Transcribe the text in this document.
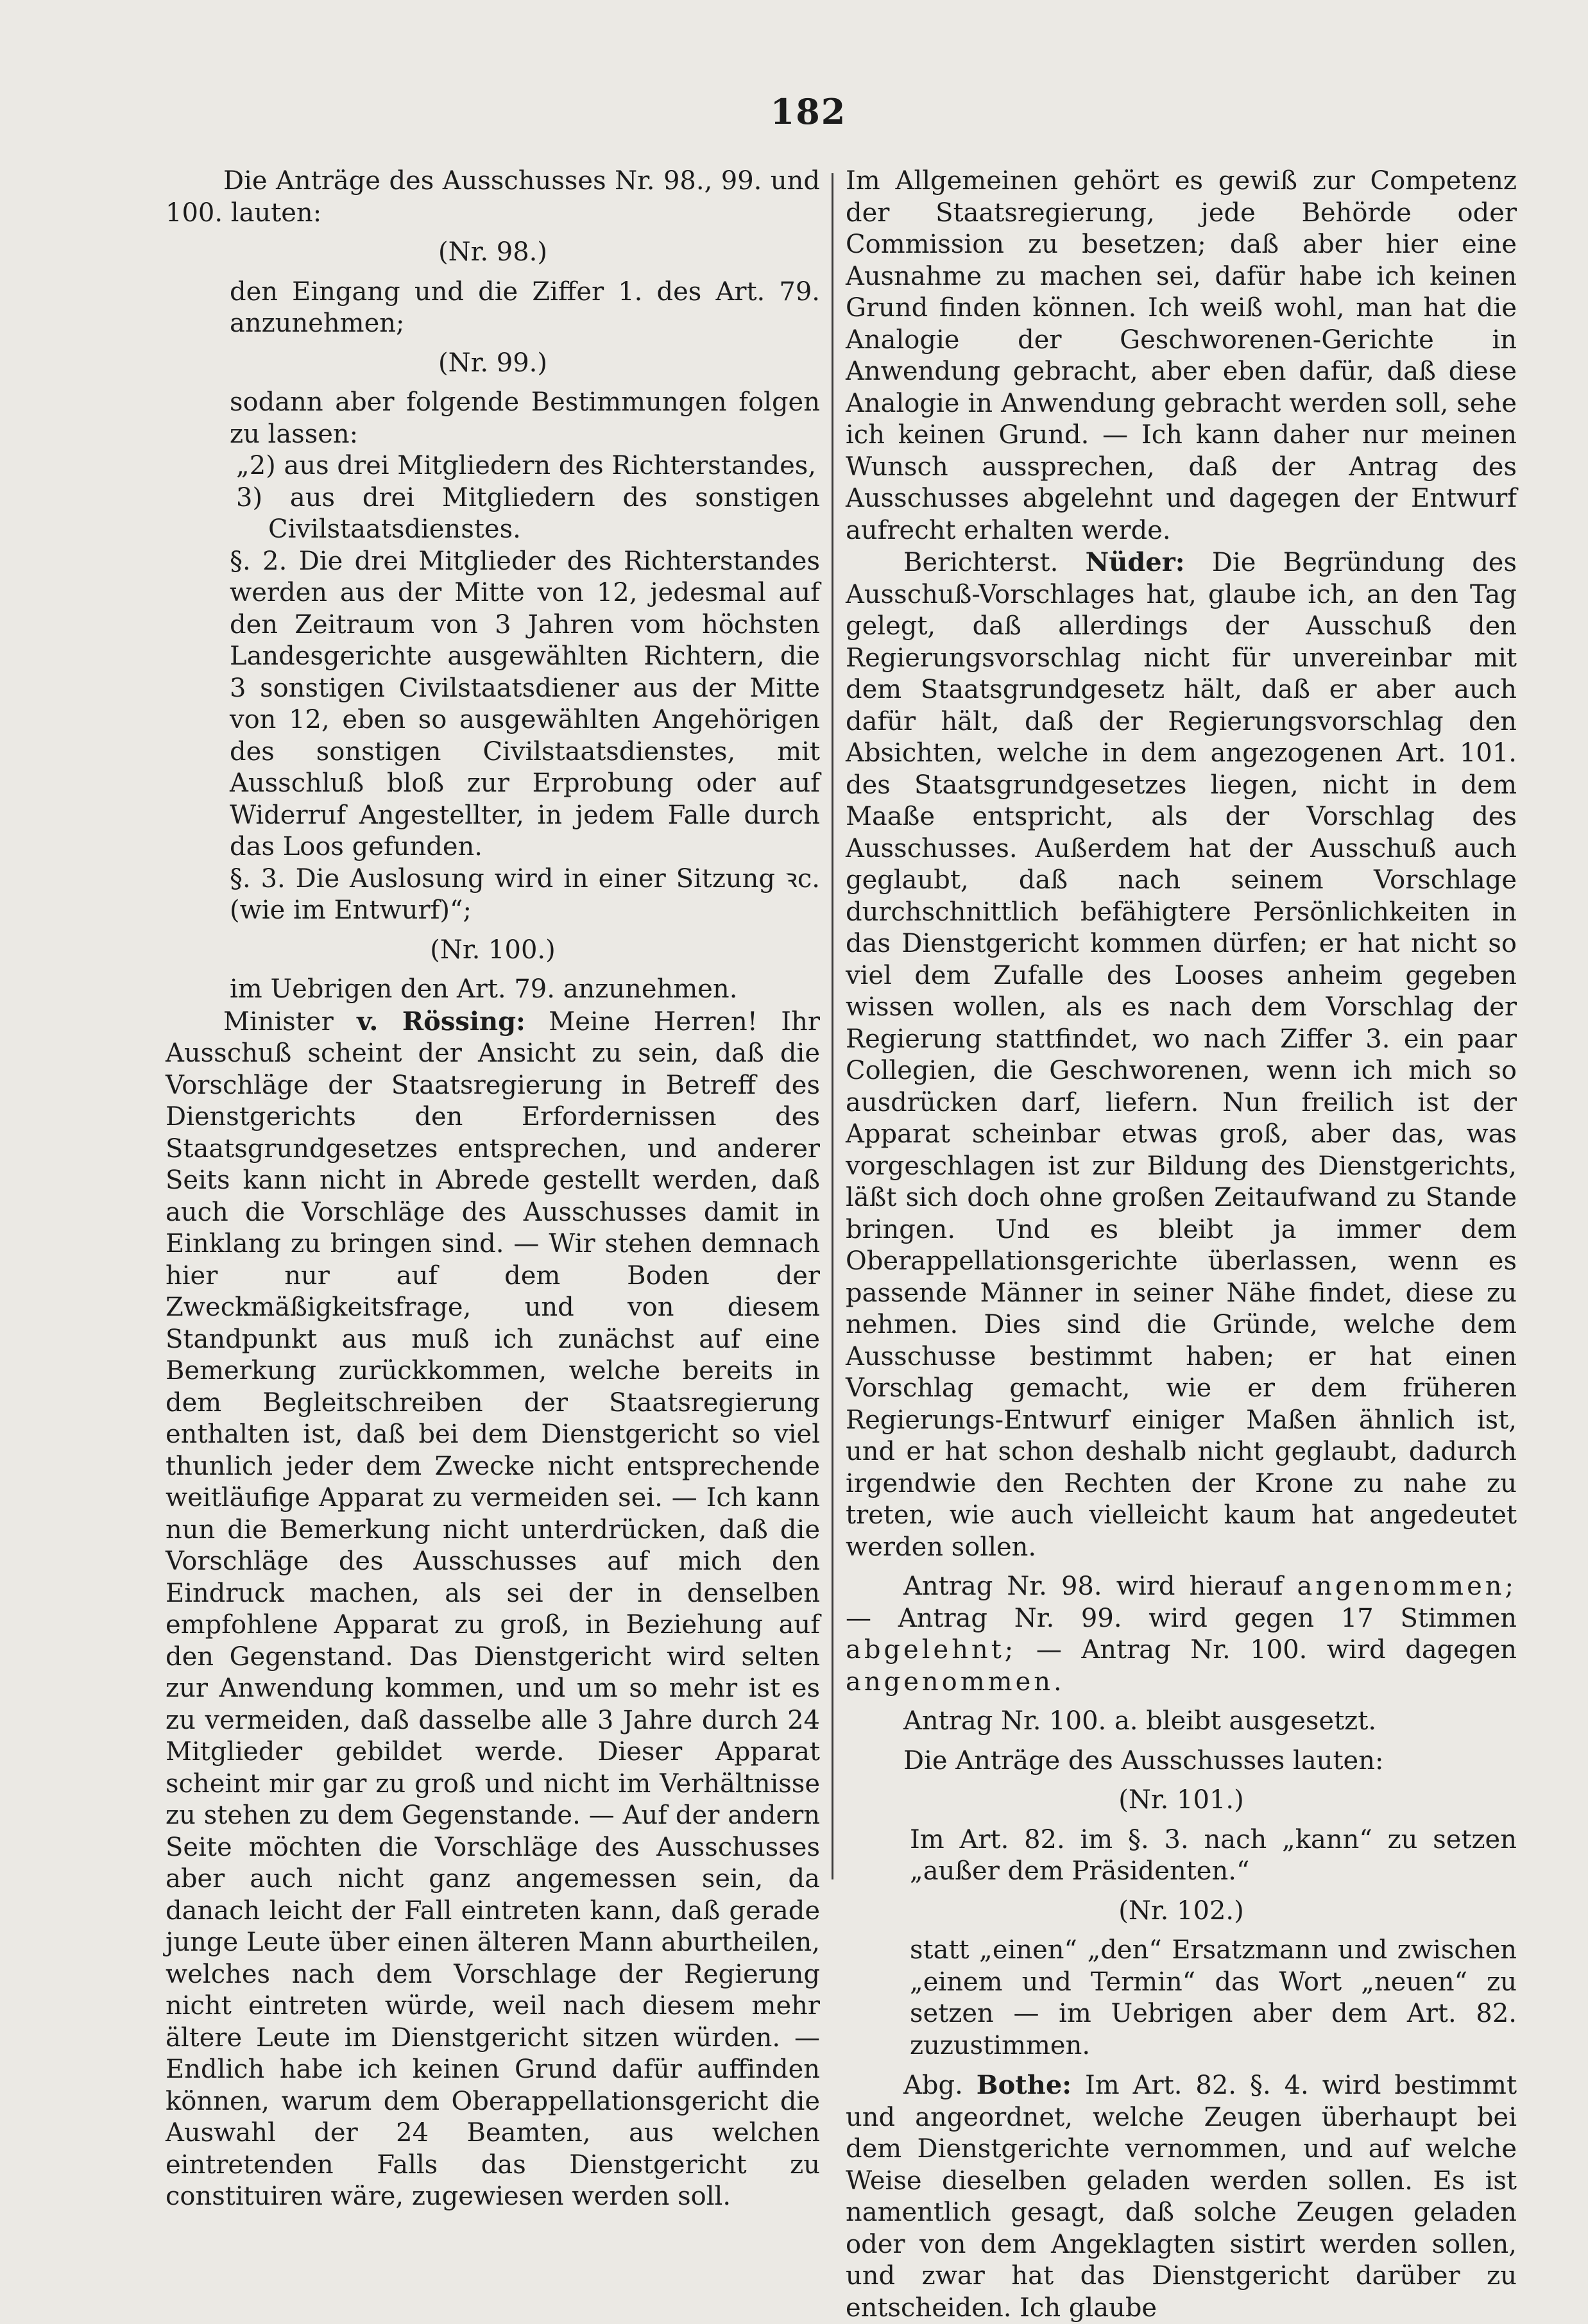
182

Die Anträge des Ausschusses Nr. 98., 99. und 100. lauten:

(Nr. 98.)

den Eingang und die Ziffer 1. des Art. 79. anzunehmen;

(Nr. 99.)

sodann aber folgende Bestimmungen folgen zu lassen:

„2) aus drei Mitgliedern des Richterstandes,

3) aus drei Mitgliedern des sonstigen Civilstaatsdienstes.

§. 2. Die drei Mitglieder des Richterstandes werden aus der Mitte von 12, jedesmal auf den Zeitraum von 3 Jahren vom höchsten Landesgerichte ausgewählten Richtern, die 3 sonstigen Civilstaatsdiener aus der Mitte von 12, eben so ausgewählten Angehörigen des sonstigen Civilstaatsdienstes, mit Ausschluß bloß zur Erprobung oder auf Widerruf Angestellter, in jedem Falle durch das Loos gefunden.

§. 3. Die Auslosung wird in einer Sitzung ꝛc. (wie im Entwurf)“;

(Nr. 100.)

im Uebrigen den Art. 79. anzunehmen.

Minister v. Rössing: Meine Herren! Ihr Ausschuß scheint der Ansicht zu sein, daß die Vorschläge der Staatsregierung in Betreff des Dienstgerichts den Erfordernissen des Staatsgrundgesetzes entsprechen, und anderer Seits kann nicht in Abrede gestellt werden, daß auch die Vorschläge des Ausschusses damit in Einklang zu bringen sind. — Wir stehen demnach hier nur auf dem Boden der Zweckmäßigkeitsfrage, und von diesem Standpunkt aus muß ich zunächst auf eine Bemerkung zurückkommen, welche bereits in dem Begleitschreiben der Staatsregierung enthalten ist, daß bei dem Dienstgericht so viel thunlich jeder dem Zwecke nicht entsprechende weitläufige Apparat zu vermeiden sei. — Ich kann nun die Bemerkung nicht unterdrücken, daß die Vorschläge des Ausschusses auf mich den Eindruck machen, als sei der in denselben empfohlene Apparat zu groß, in Beziehung auf den Gegenstand. Das Dienstgericht wird selten zur Anwendung kommen, und um so mehr ist es zu vermeiden, daß dasselbe alle 3 Jahre durch 24 Mitglieder gebildet werde. Dieser Apparat scheint mir gar zu groß und nicht im Verhältnisse zu stehen zu dem Gegenstande. — Auf der andern Seite möchten die Vorschläge des Ausschusses aber auch nicht ganz angemessen sein, da danach leicht der Fall eintreten kann, daß gerade junge Leute über einen älteren Mann aburtheilen, welches nach dem Vorschlage der Regierung nicht eintreten würde, weil nach diesem mehr ältere Leute im Dienstgericht sitzen würden. — Endlich habe ich keinen Grund dafür auffinden können, warum dem Oberappellationsgericht die Auswahl der 24 Beamten, aus welchen eintretenden Falls das Dienstgericht zu constituiren wäre, zugewiesen werden soll.

Im Allgemeinen gehört es gewiß zur Competenz der Staatsregierung, jede Behörde oder Commission zu besetzen; daß aber hier eine Ausnahme zu machen sei, dafür habe ich keinen Grund finden können. Ich weiß wohl, man hat die Analogie der Geschworenen-Gerichte in Anwendung gebracht, aber eben dafür, daß diese Analogie in Anwendung gebracht werden soll, sehe ich keinen Grund. — Ich kann daher nur meinen Wunsch aussprechen, daß der Antrag des Ausschusses abgelehnt und dagegen der Entwurf aufrecht erhalten werde.

Berichterst. Nüder: Die Begründung des Ausschuß-Vorschlages hat, glaube ich, an den Tag gelegt, daß allerdings der Ausschuß den Regierungsvorschlag nicht für unvereinbar mit dem Staatsgrundgesetz hält, daß er aber auch dafür hält, daß der Regierungsvorschlag den Absichten, welche in dem angezogenen Art. 101. des Staatsgrundgesetzes liegen, nicht in dem Maaße entspricht, als der Vorschlag des Ausschusses. Außerdem hat der Ausschuß auch geglaubt, daß nach seinem Vorschlage durchschnittlich befähigtere Persönlichkeiten in das Dienstgericht kommen dürfen; er hat nicht so viel dem Zufalle des Looses anheim gegeben wissen wollen, als es nach dem Vorschlag der Regierung stattfindet, wo nach Ziffer 3. ein paar Collegien, die Geschworenen, wenn ich mich so ausdrücken darf, liefern. Nun freilich ist der Apparat scheinbar etwas groß, aber das, was vorgeschlagen ist zur Bildung des Dienstgerichts, läßt sich doch ohne großen Zeitaufwand zu Stande bringen. Und es bleibt ja immer dem Oberappellationsgerichte überlassen, wenn es passende Männer in seiner Nähe findet, diese zu nehmen. Dies sind die Gründe, welche dem Ausschusse bestimmt haben; er hat einen Vorschlag gemacht, wie er dem früheren Regierungs-Entwurf einiger Maßen ähnlich ist, und er hat schon deshalb nicht geglaubt, dadurch irgendwie den Rechten der Krone zu nahe zu treten, wie auch vielleicht kaum hat angedeutet werden sollen.

Antrag Nr. 98. wird hierauf angenommen; — Antrag Nr. 99. wird gegen 17 Stimmen abgelehnt; — Antrag Nr. 100. wird dagegen angenommen.

Antrag Nr. 100. a. bleibt ausgesetzt.

Die Anträge des Ausschusses lauten:

(Nr. 101.)

Im Art. 82. im §. 3. nach „kann“ zu setzen „außer dem Präsidenten.“

(Nr. 102.)

statt „einen“ „den“ Ersatzmann und zwischen „einem und Termin“ das Wort „neuen“ zu setzen — im Uebrigen aber dem Art. 82. zuzustimmen.

Abg. Bothe: Im Art. 82. §. 4. wird bestimmt und angeordnet, welche Zeugen überhaupt bei dem Dienstgerichte vernommen, und auf welche Weise dieselben geladen werden sollen. Es ist namentlich gesagt, daß solche Zeugen geladen oder von dem Angeklagten sistirt werden sollen, und zwar hat das Dienstgericht darüber zu entscheiden. Ich glaube
